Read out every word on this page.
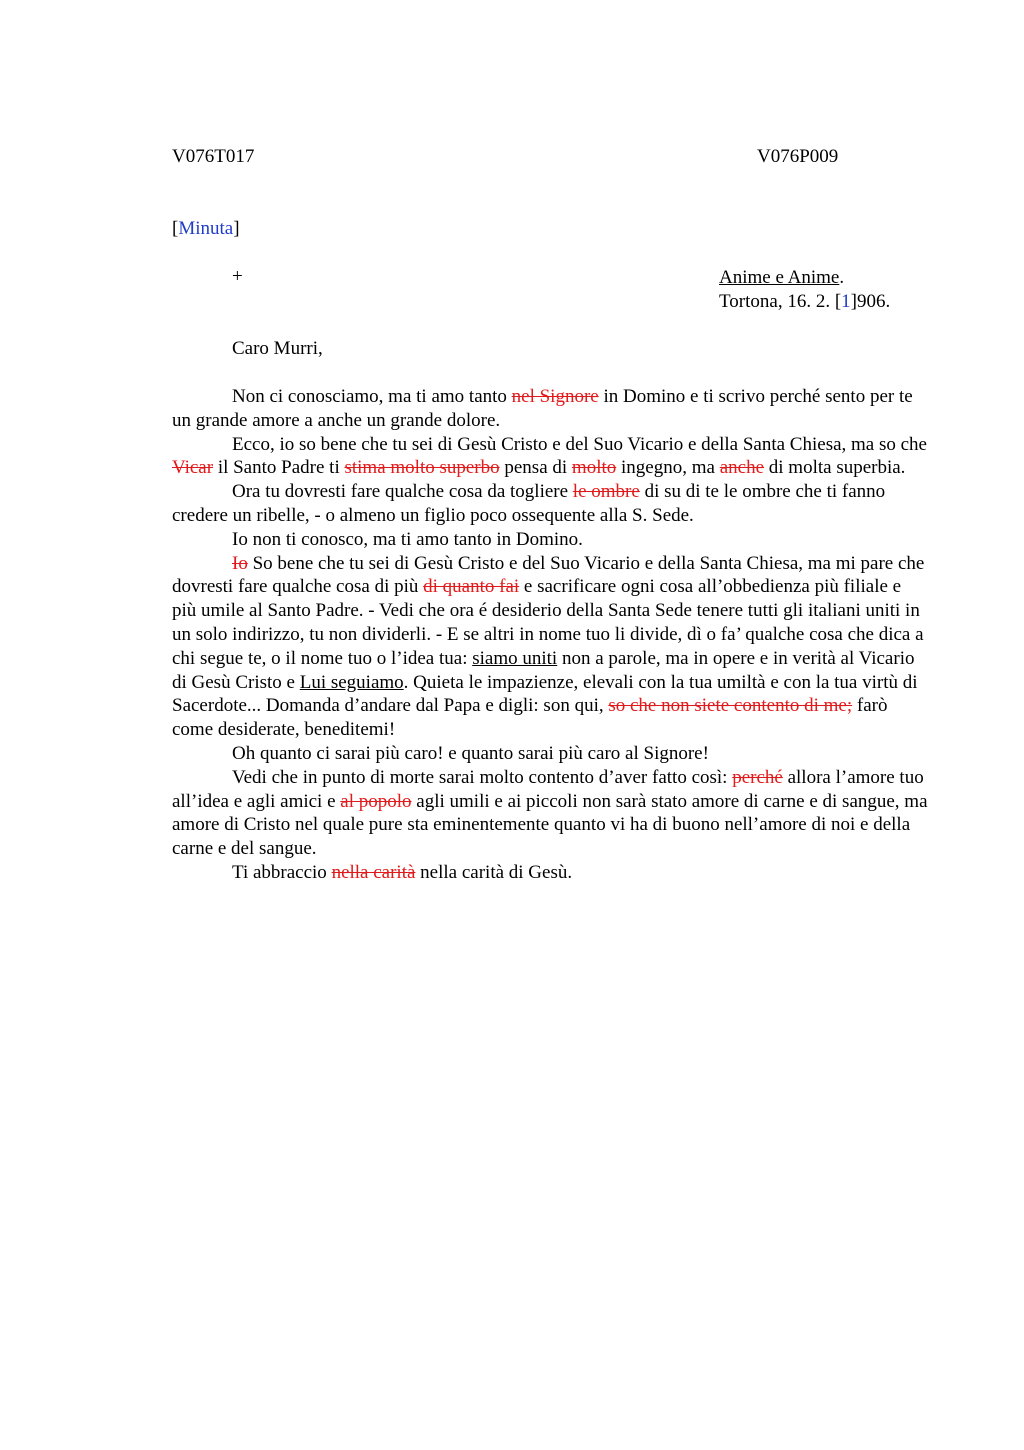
V076T017	V076P009
[Minuta]
+	Anime e Anime.
Tortona, 16. 2. [1]906.
Caro Murri,

Non ci conosciamo, ma ti amo tanto nel Signore in Domino e ti scrivo perché sento per te un grande amore a anche un grande dolore.

Ecco, io so bene che tu sei di Gesù Cristo e del Suo Vicario e della Santa Chiesa, ma so che Vicar il Santo Padre ti stima molto superbo pensa di molto ingegno, ma anche di molta superbia.

Ora tu dovresti fare qualche cosa da togliere le ombre di su di te le ombre che ti fanno credere un ribelle, - o almeno un figlio poco ossequente alla S. Sede.

Io non ti conosco, ma ti amo tanto in Domino.

Io So bene che tu sei di Gesù Cristo e del Suo Vicario e della Santa Chiesa, ma mi pare che dovresti fare qualche cosa di più di quanto fai e sacrificare ogni cosa all’obbedienza più filiale e più umile al Santo Padre. - Vedi che ora é desiderio della Santa Sede tenere tutti gli italiani uniti in un solo indirizzo, tu non dividerli. - E se altri in nome tuo li divide, dì o fa’ qualche cosa che dica a chi segue te, o il nome tuo o l’idea tua: siamo uniti non a parole, ma in opere e in verità al Vicario di Gesù Cristo e Lui seguiamo. Quieta le impazienze, elevali con la tua umiltà e con la tua virtù di Sacerdote... Domanda d’andare dal Papa e digli: son qui, so che non siete contento di me; farò come desiderate, beneditemi!

Oh quanto ci sarai più caro! e quanto sarai più caro al Signore!

Vedi che in punto di morte sarai molto contento d’aver fatto così: perché allora l’amore tuo all’idea e agli amici e al popolo agli umili e ai piccoli non sarà stato amore di carne e di sangue, ma amore di Cristo nel quale pure sta eminentemente quanto vi ha di buono nell’amore di noi e della carne e del sangue.

Ti abbraccio nella carità nella carità di Gesù.
